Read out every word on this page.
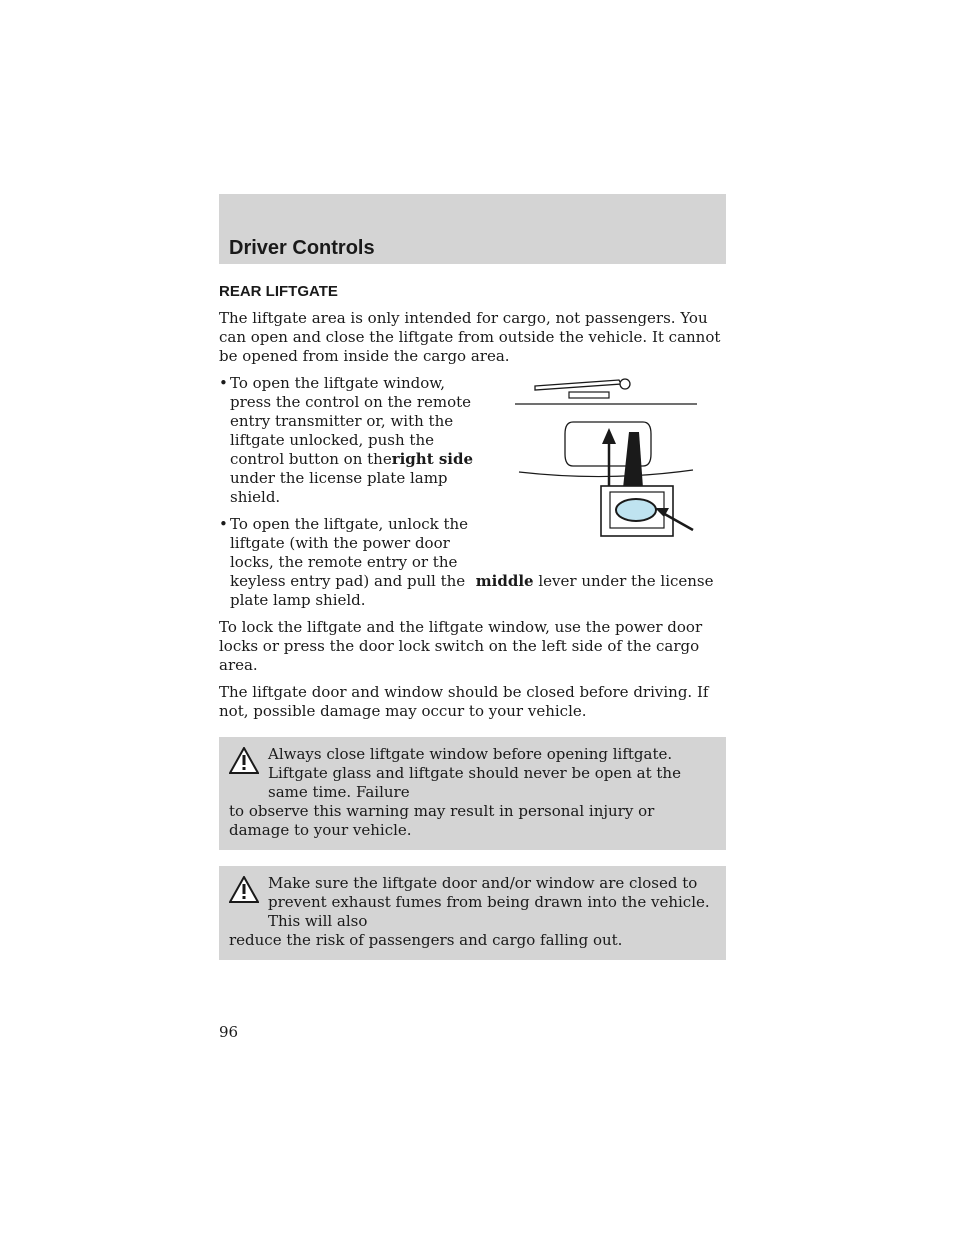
Driver Controls
REAR LIFTGATE

The liftgate area is only intended for cargo, not passengers. You can open and close the liftgate from outside the vehicle. It cannot be opened from inside the cargo area.

• To open the liftgate window, press the control on the remote entry transmitter or, with the liftgate unlocked, push the control button on theright side under the license plate lamp shield.
• To open the liftgate, unlock the liftgate (with the power door locks, the remote entry or the keyless entry pad) and pull the middle lever under the license plate lamp shield.

To lock the liftgate and the liftgate window, use the power door locks or press the door lock switch on the left side of the cargo area.

The liftgate door and window should be closed before driving. If not, possible damage may occur to your vehicle.

Always close liftgate window before opening liftgate. Liftgate glass and liftgate should never be open at the same time. Failure
to observe this warning may result in personal injury or damage to your vehicle.
Make sure the liftgate door and/or window are closed to prevent exhaust fumes from being drawn into the vehicle. This will also
reduce the risk of passengers and cargo falling out.
96
